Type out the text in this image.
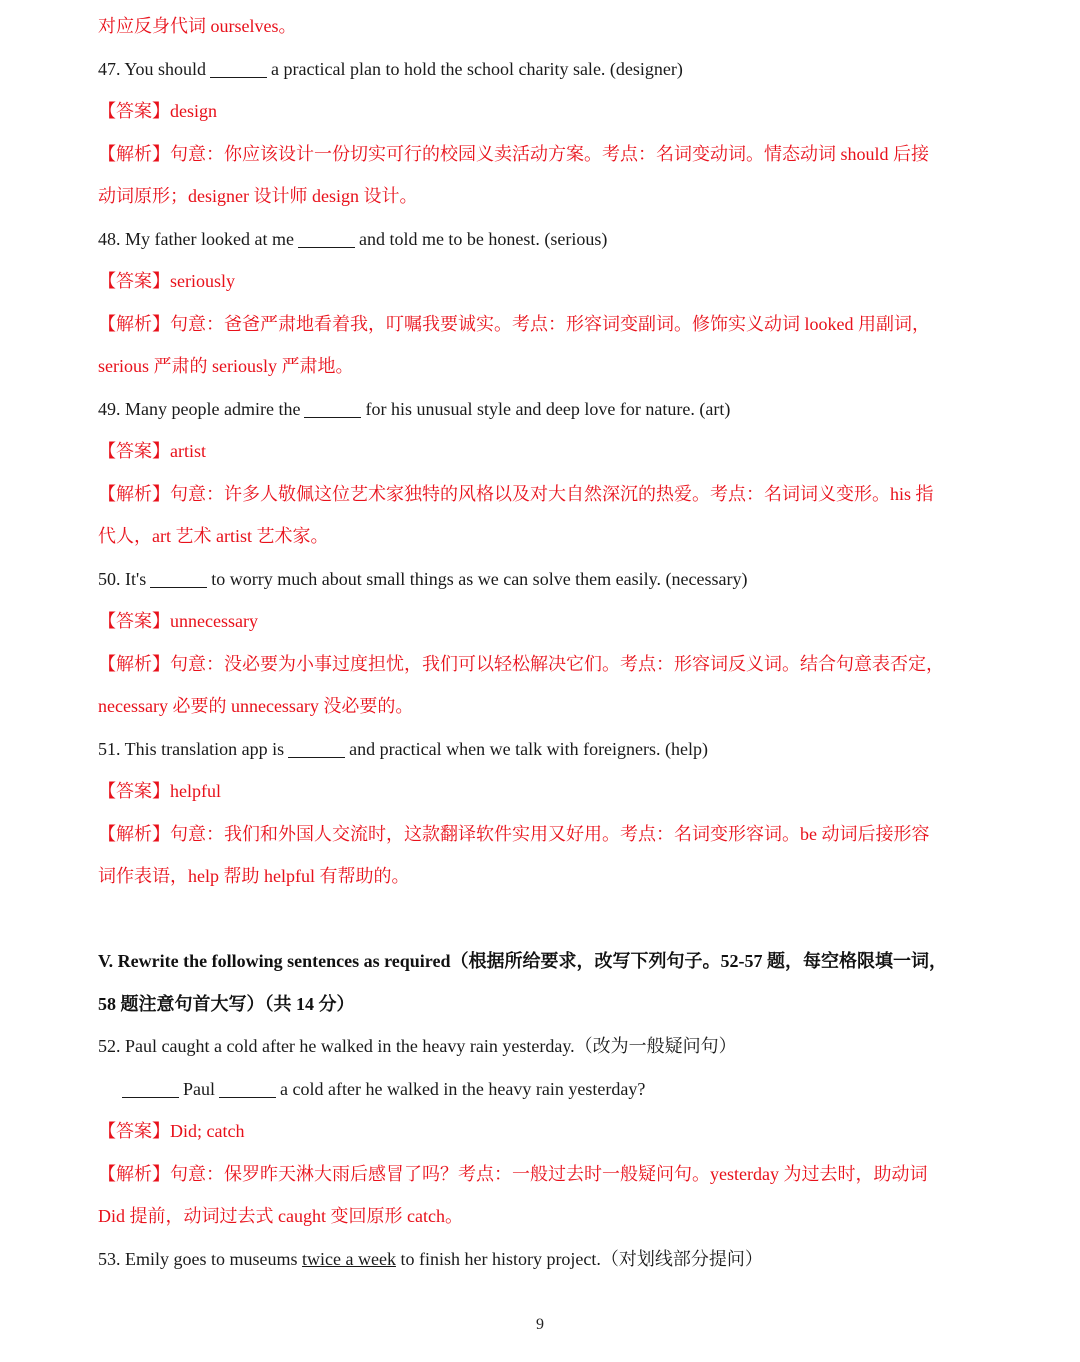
对应反身代词 ourselves。
47. You should	a practical plan to hold the school charity sale. (designer)
【答案】design
【解析】句意：你应该设计一份切实可行的校园义卖活动方案。考点：名词变动词。情态动词 should 后接
动词原形；designer 设计师 design 设计。
48. My father looked at me	and told me to be honest. (serious)
【答案】seriously
【解析】句意：爸爸严肃地看着我，叮嘱我要诚实。考点：形容词变副词。修饰实义动词 looked 用副词，
serious 严肃的 seriously 严肃地。
49. Many people admire the	for his unusual style and deep love for nature. (art)
【答案】artist
【解析】句意：许多人敬佩这位艺术家独特的风格以及对大自然深沉的热爱。考点：名词词义变形。his 指
代人，art 艺术 artist 艺术家。
50. It's	to worry much about small things as we can solve them easily. (necessary)
【答案】unnecessary
【解析】句意：没必要为小事过度担忧，我们可以轻松解决它们。考点：形容词反义词。结合句意表否定，
necessary 必要的 unnecessary 没必要的。
51. This translation app is	and practical when we talk with foreigners. (help)
【答案】helpful
【解析】句意：我们和外国人交流时，这款翻译软件实用又好用。考点：名词变形容词。be 动词后接形容
词作表语，help 帮助 helpful 有帮助的。
V. Rewrite the following sentences as required（根据所给要求，改写下列句子。52-57 题，每空格限填一词，
58 题注意句首大写）（共 14 分）
52. Paul caught a cold after he walked in the heavy rain yesterday.（改为一般疑问句）
Paul	a cold after he walked in the heavy rain yesterday?
【答案】Did; catch
【解析】句意：保罗昨天淋大雨后感冒了吗？考点：一般过去时一般疑问句。yesterday 为过去时，助动词
Did 提前，动词过去式 caught 变回原形 catch。
53. Emily goes to museums twice a week to finish her history project.（对划线部分提问）
9
